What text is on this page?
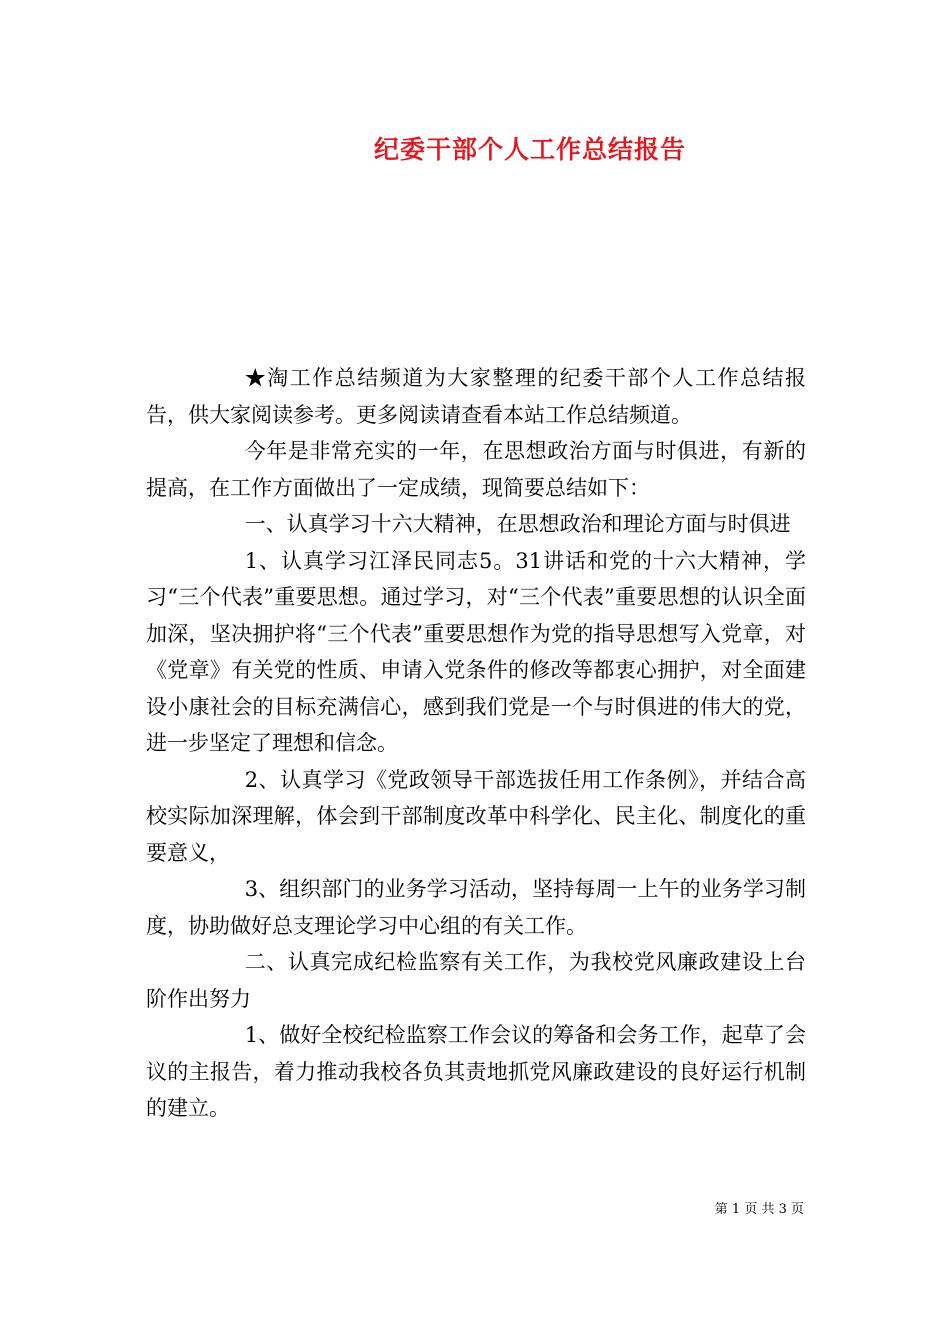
纪委干部个人工作总结报告

★淘工作总结频道为大家整理的纪委干部个人工作总结报告，供大家阅读参考。更多阅读请查看本站工作总结频道。

今年是非常充实的一年，在思想政治方面与时俱进，有新的提高，在工作方面做出了一定成绩，现简要总结如下：

一、认真学习十六大精神，在思想政治和理论方面与时俱进

1、认真学习江泽民同志5。31讲话和党的十六大精神，学习“三个代表”重要思想。通过学习，对“三个代表”重要思想的认识全面加深，坚决拥护将“三个代表”重要思想作为党的指导思想写入党章，对《党章》有关党的性质、申请入党条件的修改等都衷心拥护，对全面建设小康社会的目标充满信心，感到我们党是一个与时俱进的伟大的党，进一步坚定了理想和信念。

2、认真学习《党政领导干部选拔任用工作条例》，并结合高校实际加深理解，体会到干部制度改革中科学化、民主化、制度化的重要意义，

3、组织部门的业务学习活动，坚持每周一上午的业务学习制度，协助做好总支理论学习中心组的有关工作。

二、认真完成纪检监察有关工作，为我校党风廉政建设上台阶作出努力

1、做好全校纪检监察工作会议的筹备和会务工作，起草了会议的主报告，着力推动我校各负其责地抓党风廉政建设的良好运行机制的建立。

第 1 页 共 3 页
